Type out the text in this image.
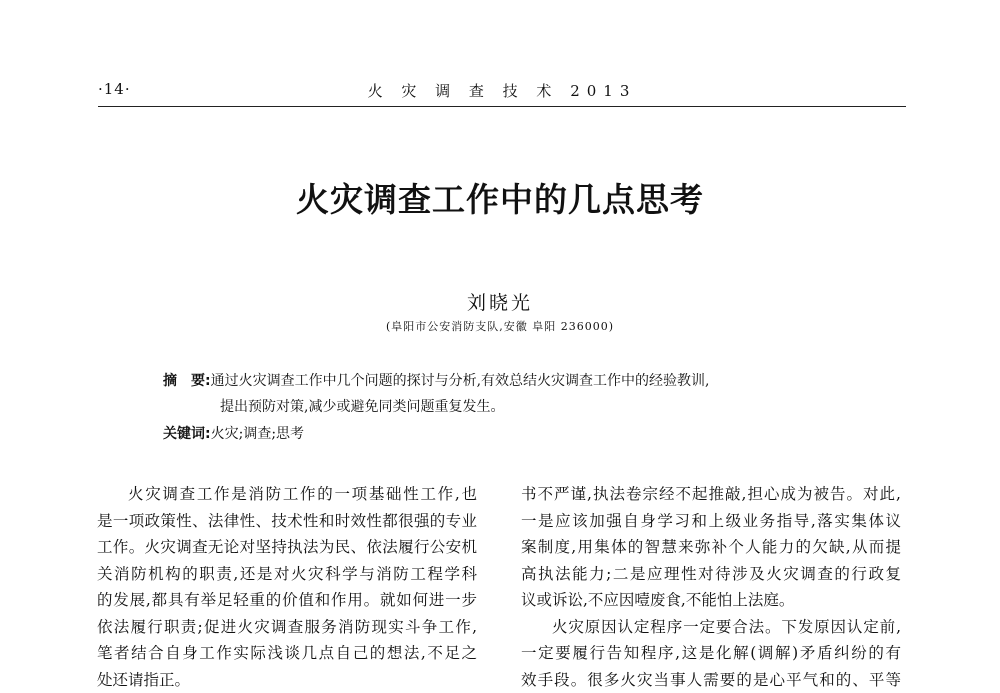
·14·	火 灾 调 查 技 术 2013
火灾调查工作中的几点思考
刘晓光
(阜阳市公安消防支队,安徽 阜阳 236000)
摘　要:通过火灾调查工作中几个问题的探讨与分析,有效总结火灾调查工作中的经验教训,
提出预防对策,减少或避免同类问题重复发生。
关键词:火灾;调查;思考
火灾调查工作是消防工作的一项基础性工作,也
是一项政策性、法律性、技术性和时效性都很强的专业
工作。火灾调查无论对坚持执法为民、依法履行公安机
关消防机构的职责,还是对火灾科学与消防工程学科
的发展,都具有举足轻重的价值和作用。就如何进一步
依法履行职责;促进火灾调查服务消防现实斗争工作,
笔者结合自身工作实际浅谈几点自己的想法,不足之
处还请指正。
书不严谨,执法卷宗经不起推敲,担心成为被告。对此,
一是应该加强自身学习和上级业务指导,落实集体议
案制度,用集体的智慧来弥补个人能力的欠缺,从而提
高执法能力;二是应理性对待涉及火灾调查的行政复
议或诉讼,不应因噎废食,不能怕上法庭。
火灾原因认定程序一定要合法。下发原因认定前,
一定要履行告知程序,这是化解(调解)矛盾纠纷的有
效手段。很多火灾当事人需要的是心平气和的、平等
